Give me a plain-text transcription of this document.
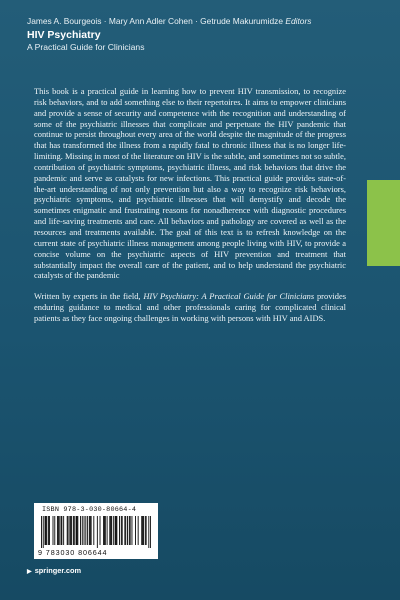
James A. Bourgeois · Mary Ann Adler Cohen · Getrude Makurumidze Editors
HIV Psychiatry
A Practical Guide for Clinicians

This book is a practical guide in learning how to prevent HIV transmission, to recognize risk behaviors, and to add something else to their repertoires. It aims to empower clinicians and provide a sense of security and competence with the recognition and understanding of some of the psychiatric illnesses that complicate and perpetuate the HIV pandemic that continue to persist throughout every area of the world despite the magnitude of the progress that has transformed the illness from a rapidly fatal to chronic illness that is no longer life-limiting. Missing in most of the literature on HIV is the subtle, and sometimes not so subtle, contribution of psychiatric symptoms, psychiatric illness, and risk behaviors that drive the pandemic and serve as catalysts for new infections. This practical guide provides state-of-the-art understanding of not only prevention but also a way to recognize risk behaviors, psychiatric symptoms, and psychiatric illnesses that will demystify and decode the sometimes enigmatic and frustrating reasons for nonadherence with diagnostic procedures and life-saving treatments and care. All behaviors and pathology are covered as well as the resources and treatments available. The goal of this text is to refresh knowledge on the current state of psychiatric illness management among people living with HIV, to provide a concise volume on the psychiatric aspects of HIV prevention and treatment that substantially impact the overall care of the patient, and to help understand the psychiatric catalysts of the pandemic

Written by experts in the field, HIV Psychiatry: A Practical Guide for Clinicians provides enduring guidance to medical and other professionals caring for complicated clinical patients as they face ongoing challenges in working with persons with HIV and AIDS.

ISBN 978-3-030-80664-4
9 783030 806644
▶ springer.com
